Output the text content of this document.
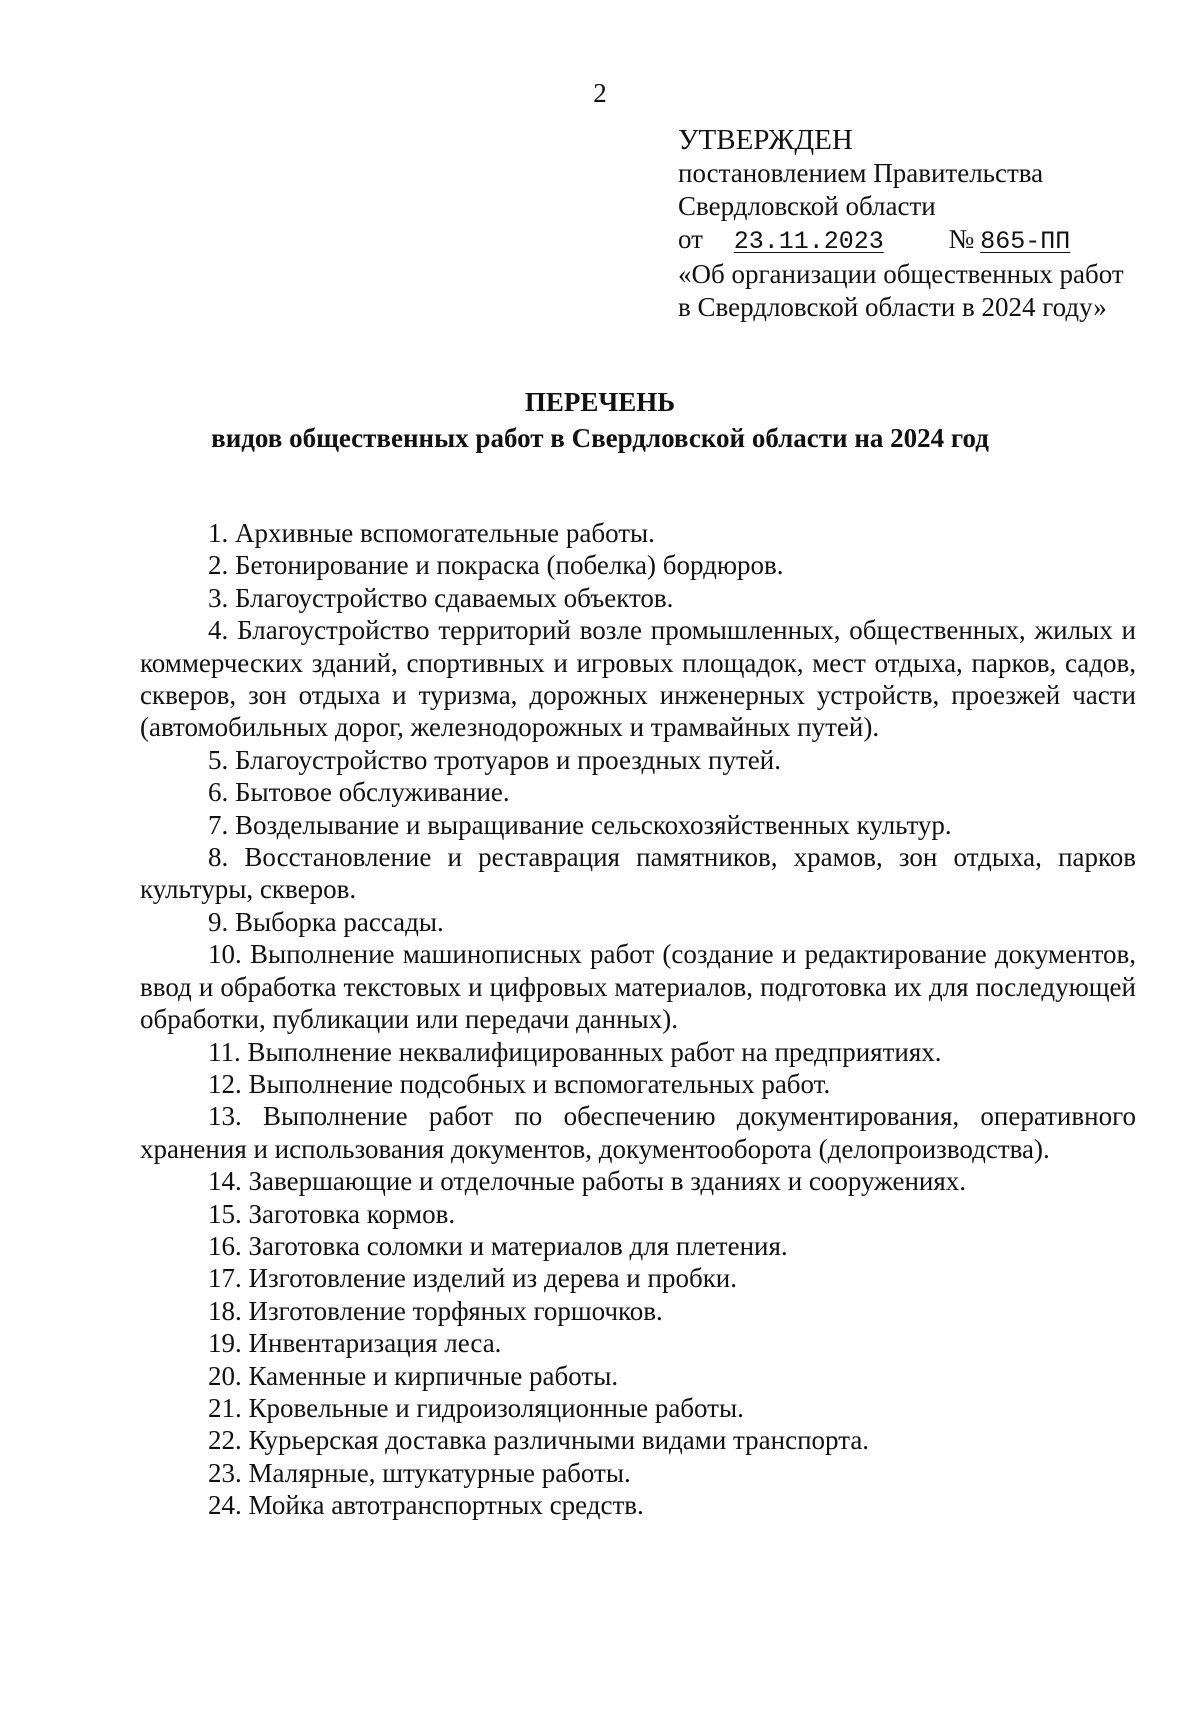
2
УТВЕРЖДЕН
постановлением Правительства
Свердловской области
от 23.11.2023 № 865-ПП
«Об организации общественных работ
в Свердловской области в 2024 году»
ПЕРЕЧЕНЬ
видов общественных работ в Свердловской области на 2024 год

1. Архивные вспомогательные работы.

2. Бетонирование и покраска (побелка) бордюров.

3. Благоустройство сдаваемых объектов.

4. Благоустройство территорий возле промышленных, общественных, жилых и коммерческих зданий, спортивных и игровых площадок, мест отдыха, парков, садов, скверов, зон отдыха и туризма, дорожных инженерных устройств, проезжей части (автомобильных дорог, железнодорожных и трамвайных путей).

5. Благоустройство тротуаров и проездных путей.

6. Бытовое обслуживание.

7. Возделывание и выращивание сельскохозяйственных культур.

8. Восстановление и реставрация памятников, храмов, зон отдыха, парков культуры, скверов.

9. Выборка рассады.

10. Выполнение машинописных работ (создание и редактирование документов, ввод и обработка текстовых и цифровых материалов, подготовка их для последующей обработки, публикации или передачи данных).

11. Выполнение неквалифицированных работ на предприятиях.

12. Выполнение подсобных и вспомогательных работ.

13. Выполнение работ по обеспечению документирования, оперативного хранения и использования документов, документооборота (делопроизводства).

14. Завершающие и отделочные работы в зданиях и сооружениях.

15. Заготовка кормов.

16. Заготовка соломки и материалов для плетения.

17. Изготовление изделий из дерева и пробки.

18. Изготовление торфяных горшочков.

19. Инвентаризация леса.

20. Каменные и кирпичные работы.

21. Кровельные и гидроизоляционные работы.

22. Курьерская доставка различными видами транспорта.

23. Малярные, штукатурные работы.

24. Мойка автотранспортных средств.
